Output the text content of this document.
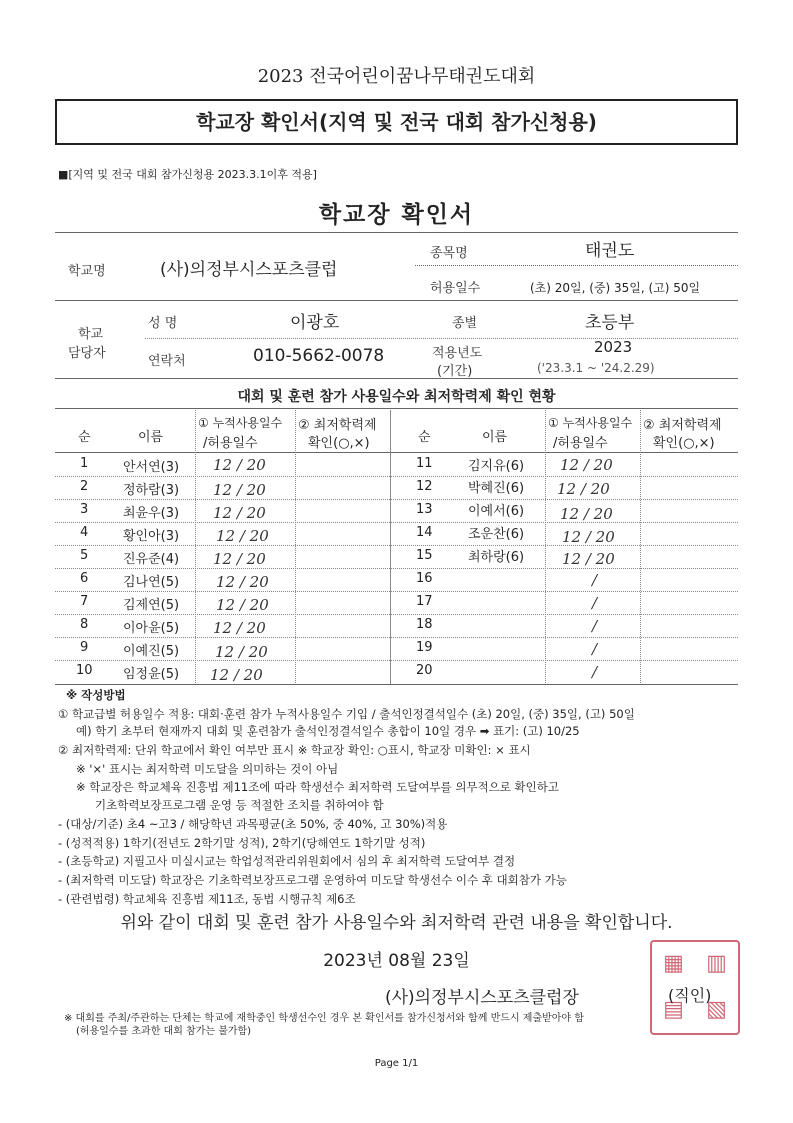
2023 전국어린이꿈나무태권도대회
학교장 확인서(지역 및 전국 대회 참가신청용)
■[지역 및 전국 대회 참가신청용 2023.3.1이후 적용]
학교장 확인서
학교명	(사)의정부시스포츠클럽
종목명	태권도
허용일수	(초) 20일, (중) 35일, (고) 50일
학교
담당자
성 명	이광호	종별	초등부
연락처	010-5662-0078	적용년도
(기간)
2023
('23.3.1 ~ '24.2.29)
대회 및 훈련 참가 사용일수와 최저학력제 확인 현황
순	이름
① 누적사용일수
/허용일수
② 최저학력제
확인(○,×)	순	이름
① 누적사용일수
/허용일수
② 최저학력제
확인(○,×)
1	안서연(3) 12 / 20
2	정하람(3) 12 / 20
3	최윤우(3) 12 / 20
4	황인아(3) 12 / 20
5	진유준(4) 12 / 20
6	김나연(5) 12 / 20
7	김제연(5) 12 / 20
8	이아윤(5) 12 / 20
9	이예진(5) 12 / 20
10 임정윤(5) 12 / 20
11	김지유(6) 12 / 20
12	박혜진(6) 12 / 20
13	이예서(6) 12 / 20
14	조운찬(6)	12 / 20
15	최하랑(6)	12 / 20
16	/
17	/
18	/
19	/
20	/
※ 작성방법
① 학교급별 허용일수 적용: 대회·훈련 참가 누적사용일수 기입 / 출석인정결석일수 (초) 20일, (중) 35일, (고) 50일
예) 학기 초부터 현재까지 대회 및 훈련참가 출석인정결석일수 총합이 10일 경우 ➡ 표기: (고) 10/25
② 최저학력제: 단위 학교에서 확인 여부만 표시 ※ 학교장 확인: ○표시, 학교장 미확인: × 표시
※ '×' 표시는 최저학력 미도달을 의미하는 것이 아님
※ 학교장은 학교체육 진흥법 제11조에 따라 학생선수 최저학력 도달여부를 의무적으로 확인하고
기초학력보장프로그램 운영 등 적절한 조치를 취하여야 함
- (대상/기준) 초4 ~고3 / 해당학년 과목평균(초 50%, 중 40%, 고 30%)적용
- (성적적용) 1학기(전년도 2학기말 성적), 2학기(당해연도 1학기말 성적)
- (초등학교) 지필고사 미실시교는 학업성적관리위원회에서 심의 후 최저학력 도달여부 결정
- (최저학력 미도달) 학교장은 기초학력보장프로그램 운영하여 미도달 학생선수 이수 후 대회참가 가능
- (관련법령) 학교체육 진흥법 제11조, 동법 시행규칙 제6조
위와 같이 대회 및 훈련 참가 사용일수와 최저학력 관련 내용을 확인합니다.
2023년 08월 23일
(사)의정부시스포츠클럽장
▦	▥
▤	▧
(직인)
※ 대회를 주최/주관하는 단체는 학교에 재학중인 학생선수인 경우 본 확인서를 참가신청서와 함께 반드시 제출받아야 함
(허용일수를 초과한 대회 참가는 불가함)
Page 1/1
